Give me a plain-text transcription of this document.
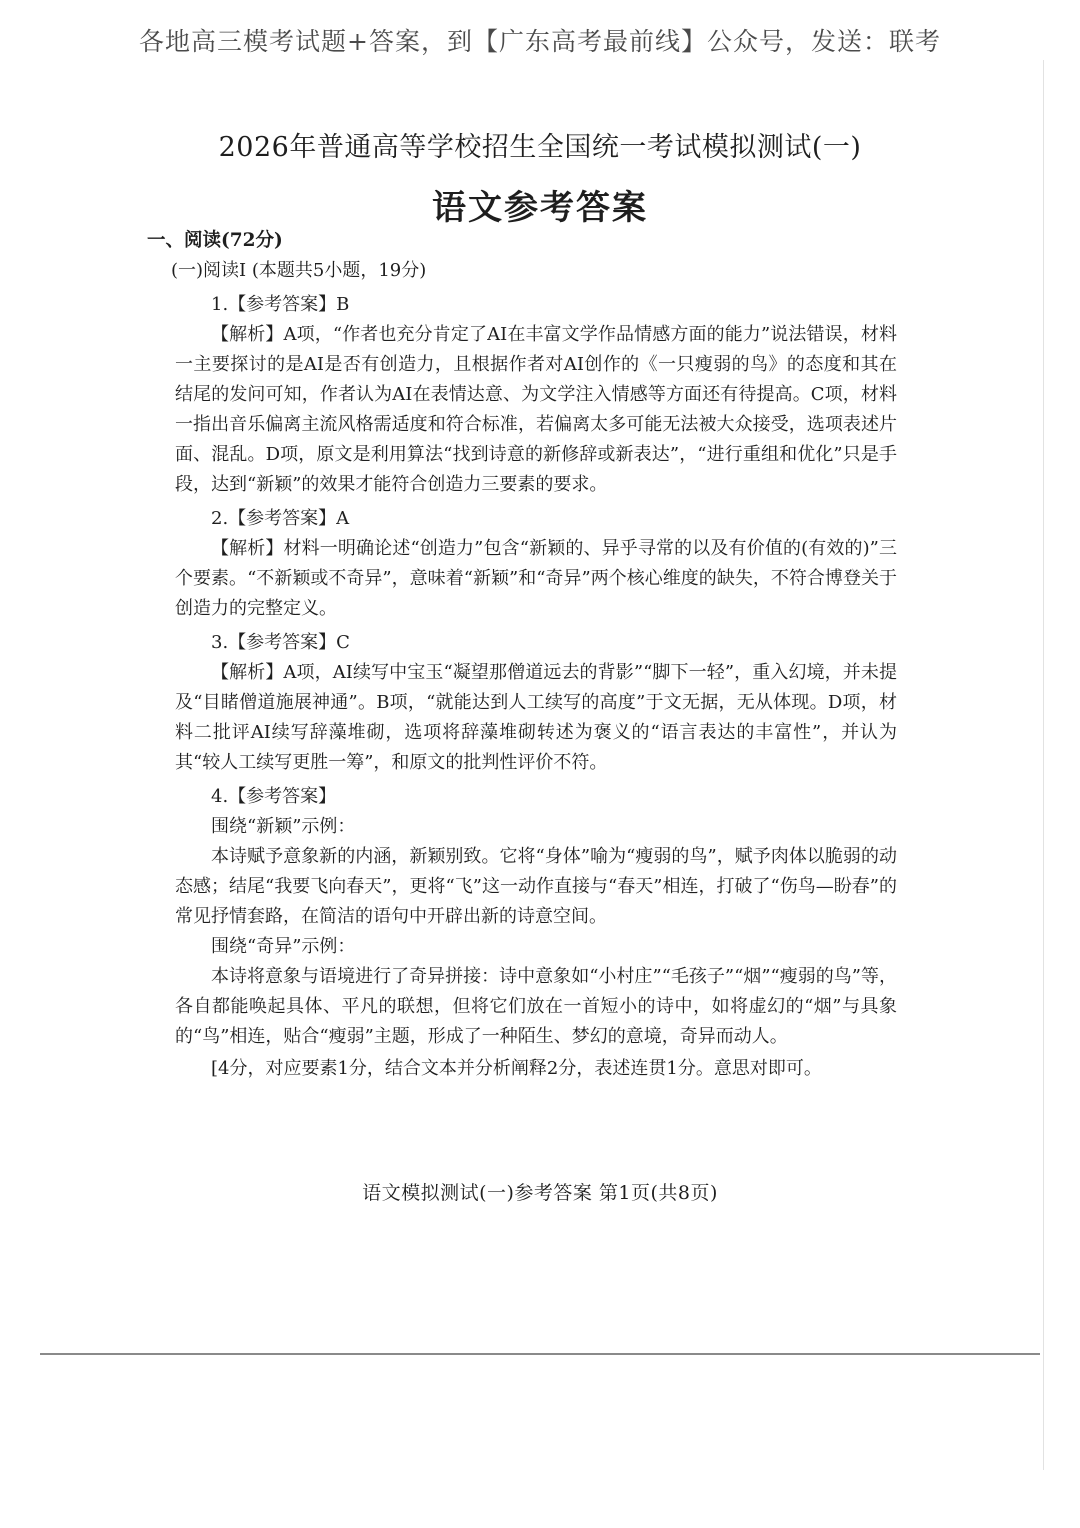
各地高三模考试题+答案，到【广东高考最前线】公众号，发送：联考
2026年普通高等学校招生全国统一考试模拟测试(一)
语文参考答案

一、阅读(72分)

(一)阅读Ⅰ (本题共5小题，19分)

1.【参考答案】B

【解析】A项，“作者也充分肯定了AI在丰富文学作品情感方面的能力”说法错误，材料一主要探讨的是AI是否有创造力，且根据作者对AI创作的《一只瘦弱的鸟》的态度和其在结尾的发问可知，作者认为AI在表情达意、为文学注入情感等方面还有待提高。C项，材料一指出音乐偏离主流风格需适度和符合标准，若偏离太多可能无法被大众接受，选项表述片面、混乱。D项，原文是利用算法“找到诗意的新修辞或新表达”，“进行重组和优化”只是手段，达到“新颖”的效果才能符合创造力三要素的要求。

2.【参考答案】A

【解析】材料一明确论述“创造力”包含“新颖的、异乎寻常的以及有价值的(有效的)”三个要素。“不新颖或不奇异”，意味着“新颖”和“奇异”两个核心维度的缺失，不符合博登关于创造力的完整定义。

3.【参考答案】C

【解析】A项，AI续写中宝玉“凝望那僧道远去的背影”“脚下一轻”，重入幻境，并未提及“目睹僧道施展神通”。B项，“就能达到人工续写的高度”于文无据，无从体现。D项，材料二批评AI续写辞藻堆砌，选项将辞藻堆砌转述为褒义的“语言表达的丰富性”，并认为其“较人工续写更胜一筹”，和原文的批判性评价不符。

4.【参考答案】

围绕“新颖”示例：

本诗赋予意象新的内涵，新颖别致。它将“身体”喻为“瘦弱的鸟”，赋予肉体以脆弱的动态感；结尾“我要飞向春天”，更将“飞”这一动作直接与“春天”相连，打破了“伤鸟—盼春”的常见抒情套路，在简洁的语句中开辟出新的诗意空间。

围绕“奇异”示例：

本诗将意象与语境进行了奇异拼接：诗中意象如“小村庄”“毛孩子”“烟”“瘦弱的鸟”等，各自都能唤起具体、平凡的联想，但将它们放在一首短小的诗中，如将虚幻的“烟”与具象的“鸟”相连，贴合“瘦弱”主题，形成了一种陌生、梦幻的意境，奇异而动人。

[4分，对应要素1分，结合文本并分析阐释2分，表述连贯1分。意思对即可。

语文模拟测试(一)参考答案 第1页(共8页)
